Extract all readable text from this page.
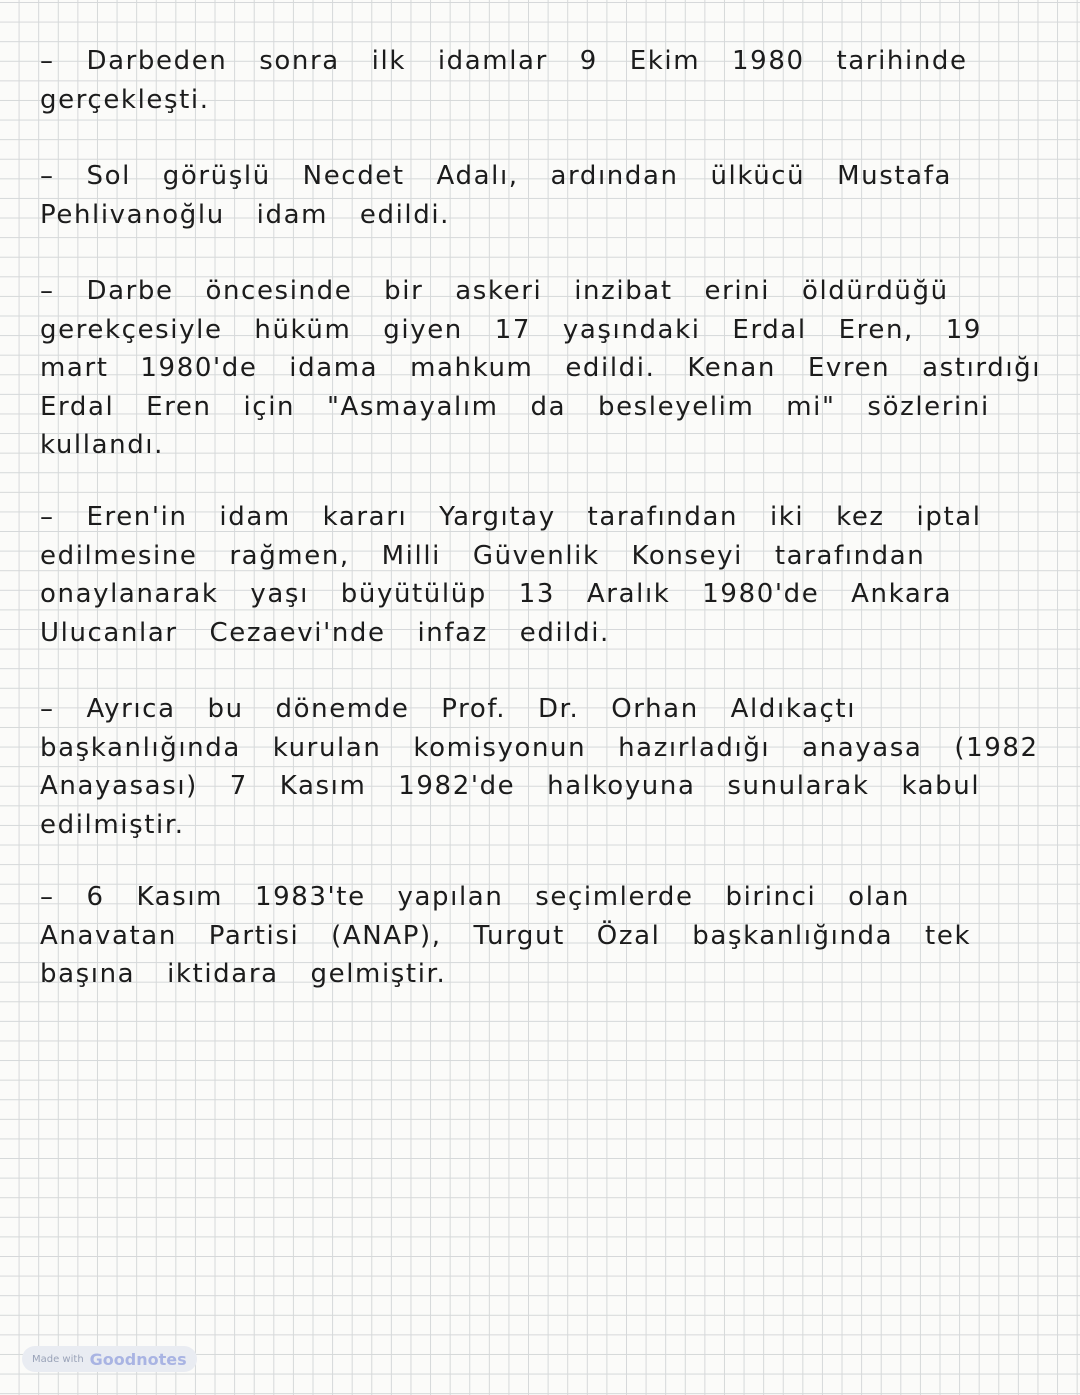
– Darbeden sonra ilk idamlar 9 Ekim 1980 tarihinde gerçekleşti.

– Sol görüşlü Necdet Adalı, ardından ülkücü Mustafa Pehlivanoğlu idam edildi.

– Darbe öncesinde bir askeri inzibat erini öldürdüğü gerekçesiyle hüküm giyen 17 yaşındaki Erdal Eren, 19 mart 1980'de idama mahkum edildi. Kenan Evren astırdığı Erdal Eren için "Asmayalım da besleyelim mi" sözlerini kullandı.

– Eren'in idam kararı Yargıtay tarafından iki kez iptal edilmesine rağmen, Milli Güvenlik Konseyi tarafından onaylanarak yaşı büyütülüp 13 Aralık 1980'de Ankara Ulucanlar Cezaevi'nde infaz edildi.

– Ayrıca bu dönemde Prof. Dr. Orhan Aldıkaçtı başkanlığında kurulan komisyonun hazırladığı anayasa (1982 Anayasası) 7 Kasım 1982'de halkoyuna sunularak kabul edilmiştir.

– 6 Kasım 1983'te yapılan seçimlerde birinci olan Anavatan Partisi (ANAP), Turgut Özal başkanlığında tek başına iktidara gelmiştir.

Made with Goodnotes
